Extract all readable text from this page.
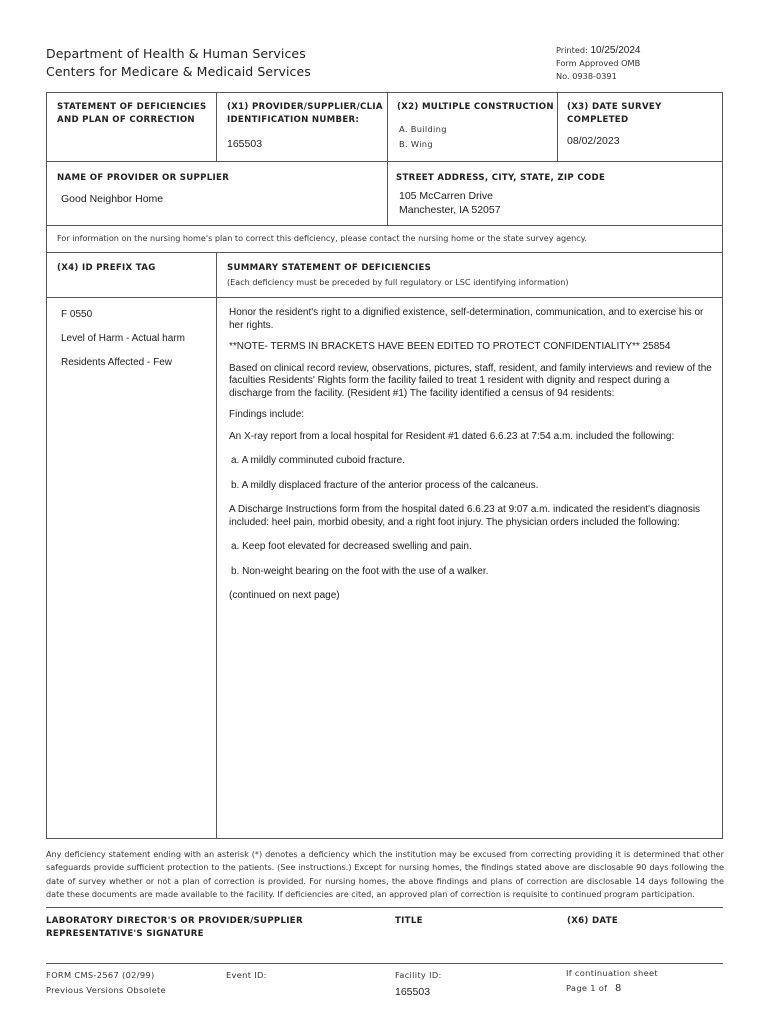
Department of Health & Human Services
Centers for Medicare & Medicaid Services
Printed: 10/25/2024
Form Approved OMB
No. 0938-0391
STATEMENT OF DEFICIENCIES
AND PLAN OF CORRECTION
(X1) PROVIDER/SUPPLIER/CLIA
IDENTIFICATION NUMBER:
165503
(X2) MULTIPLE CONSTRUCTION
A. Building
B. Wing
(X3) DATE SURVEY
COMPLETED
08/02/2023
NAME OF PROVIDER OR SUPPLIER
Good Neighbor Home
STREET ADDRESS, CITY, STATE, ZIP CODE
105 McCarren Drive
Manchester, IA 52057
For information on the nursing home's plan to correct this deficiency, please contact the nursing home or the state survey agency.
(X4) ID PREFIX TAG	SUMMARY STATEMENT OF DEFICIENCIES
(Each deficiency must be preceded by full regulatory or LSC identifying information)
F 0550
Level of Harm - Actual harm
Residents Affected - Few

Honor the resident's right to a dignified existence, self-determination, communication, and to exercise his or her rights.

**NOTE- TERMS IN BRACKETS HAVE BEEN EDITED TO PROTECT CONFIDENTIALITY** 25854

Based on clinical record review, observations, pictures, staff, resident, and family interviews and review of the faculties Residents' Rights form the facility failed to treat 1 resident with dignity and respect during a discharge from the facility. (Resident #1) The facility identified a census of 94 residents:

Findings include:

An X-ray report from a local hospital for Resident #1 dated 6.6.23 at 7:54 a.m. included the following:

a. A mildly comminuted cuboid fracture.

b. A mildly displaced fracture of the anterior process of the calcaneus.

A Discharge Instructions form from the hospital dated 6.6.23 at 9:07 a.m. indicated the resident's diagnosis included: heel pain, morbid obesity, and a right foot injury. The physician orders included the following:

a. Keep foot elevated for decreased swelling and pain.

b. Non-weight bearing on the foot with the use of a walker.

(continued on next page)

Any deficiency statement ending with an asterisk (*) denotes a deficiency which the institution may be excused from correcting providing it is determined that other safeguards provide sufficient protection to the patients. (See instructions.) Except for nursing homes, the findings stated above are disclosable 90 days following the date of survey whether or not a plan of correction is provided. For nursing homes, the above findings and plans of correction are disclosable 14 days following the date these documents are made available to the facility. If deficiencies are cited, an approved plan of correction is requisite to continued program participation.
LABORATORY DIRECTOR'S OR PROVIDER/SUPPLIER
REPRESENTATIVE'S SIGNATURE
TITLE	(X6) DATE
FORM CMS-2567 (02/99)
Previous Versions Obsolete
Event ID:	Facility ID:
165503
If continuation sheet
Page 1 of 8
